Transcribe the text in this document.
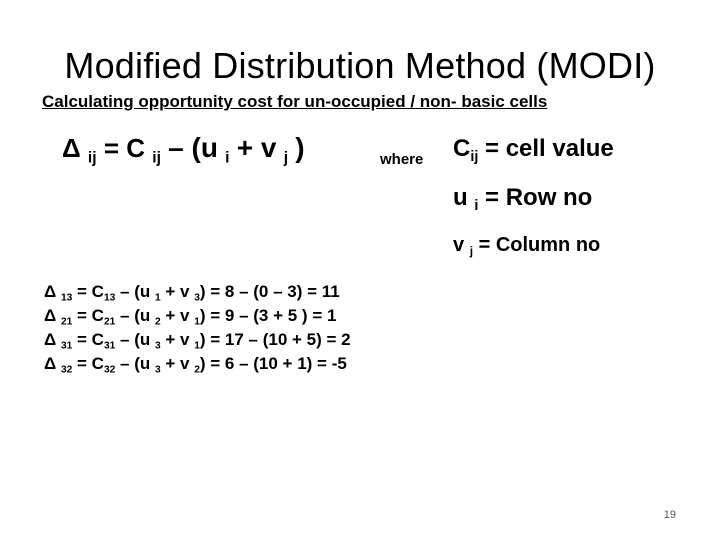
Modified Distribution Method (MODI)
Calculating opportunity cost for un-occupied / non- basic cells
Δ $_{ij}$ = C $_{ij}$ – (u $_i$ + v $_j$ )	where $C_{ij}$ = cell value
u $_i$ = Row no
v $_j$ = Column no
Δ $_{13} = C_{13} - (u$ $_1$ + v $_3$) = 8 – (0 – 3) = 11
Δ $_{21} = C_{21} - (u$ $_2$ + v $_1$) = 9 – (3 + 5 ) = 1
Δ $_{31} = C_{31} - (u$ $_3$ + v $_1$) = 17 – (10 + 5) = 2
Δ $_{32} = C_{32} - (u$ $_3$ + v $_2$) = 6 – (10 + 1) = -5
19
